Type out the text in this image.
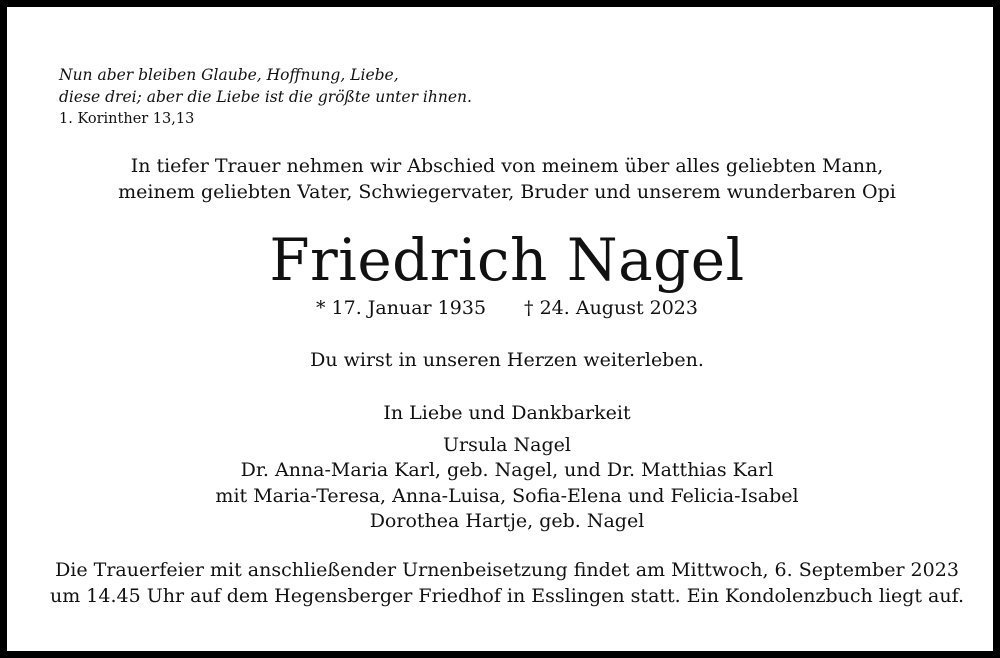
Nun aber bleiben Glaube, Hoffnung, Liebe,
diese drei; aber die Liebe ist die größte unter ihnen.
1. Korinther 13,13
In tiefer Trauer nehmen wir Abschied von meinem über alles geliebten Mann,
meinem geliebten Vater, Schwiegervater, Bruder und unserem wunderbaren Opi
Friedrich Nagel
* 17. Januar 1935 † 24. August 2023
Du wirst in unseren Herzen weiterleben.
In Liebe und Dankbarkeit
Ursula Nagel
Dr. Anna-Maria Karl, geb. Nagel, und Dr. Matthias Karl
mit Maria-Teresa, Anna-Luisa, Sofia-Elena und Felicia-Isabel
Dorothea Hartje, geb. Nagel
Die Trauerfeier mit anschließender Urnenbeisetzung findet am Mittwoch, 6. September 2023
um 14.45 Uhr auf dem Hegensberger Friedhof in Esslingen statt. Ein Kondolenzbuch liegt auf.
